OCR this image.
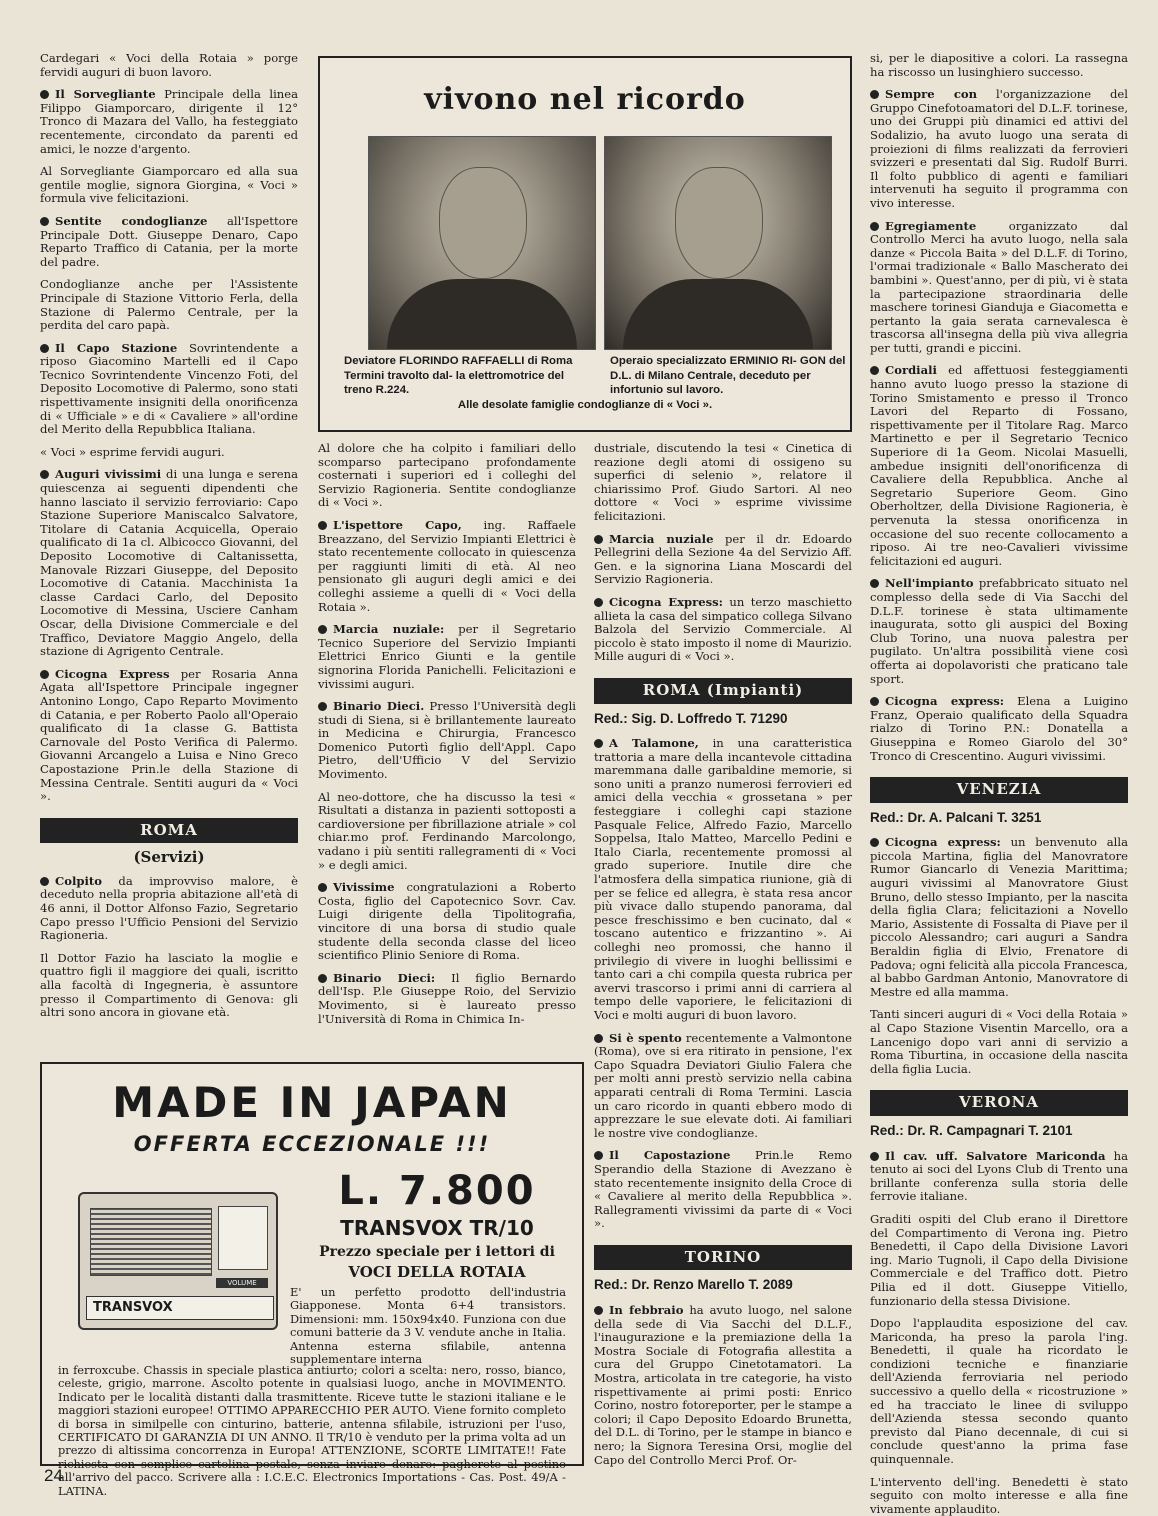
Cardegari « Voci della Rotaia » porge fervidi auguri di buon lavoro.

Il Sorvegliante Principale della linea Filippo Giamporcaro, dirigente il 12° Tronco di Mazara del Vallo, ha festeggiato recentemente, circondato da parenti ed amici, le nozze d'argento.

Al Sorvegliante Giamporcaro ed alla sua gentile moglie, signora Giorgina, « Voci » formula vive felicitazioni.

Sentite condoglianze all'Ispettore Principale Dott. Giuseppe Denaro, Capo Reparto Traffico di Catania, per la morte del padre.

Condoglianze anche per l'Assistente Principale di Stazione Vittorio Ferla, della Stazione di Palermo Centrale, per la perdita del caro papà.

Il Capo Stazione Sovrintendente a riposo Giacomino Martelli ed il Capo Tecnico Sovrintendente Vincenzo Foti, del Deposito Locomotive di Palermo, sono stati rispettivamente insigniti della onorificenza di « Ufficiale » e di « Cavaliere » all'ordine del Merito della Repubblica Italiana.

« Voci » esprime fervidi auguri.

Auguri vivissimi di una lunga e serena quiescenza ai seguenti dipendenti che hanno lasciato il servizio ferroviario: Capo Stazione Superiore Maniscalco Salvatore, Titolare di Catania Acquicella, Operaio qualificato di 1a cl. Albicocco Giovanni, del Deposito Locomotive di Caltanissetta, Manovale Rizzari Giuseppe, del Deposito Locomotive di Catania. Macchinista 1a classe Cardaci Carlo, del Deposito Locomotive di Messina, Usciere Canham Oscar, della Divisione Commerciale e del Traffico, Deviatore Maggio Angelo, della stazione di Agrigento Centrale.

Cicogna Express per Rosaria Anna Agata all'Ispettore Principale ingegner Antonino Longo, Capo Reparto Movimento di Catania, e per Roberto Paolo all'Operaio qualificato di 1a classe G. Battista Carnovale del Posto Verifica di Palermo. Giovanni Arcangelo a Luisa e Nino Greco Capostazione Prin.le della Stazione di Messina Centrale. Sentiti auguri da « Voci ».

ROMA
(Servizi)

Colpito da improvviso malore, è deceduto nella propria abitazione all'età di 46 anni, il Dottor Alfonso Fazio, Segretario Capo presso l'Ufficio Pensioni del Servizio Ragioneria.

Il Dottor Fazio ha lasciato la moglie e quattro figli il maggiore dei quali, iscritto alla facoltà di Ingegneria, è assuntore presso il Compartimento di Genova: gli altri sono ancora in giovane età.

vivono nel ricordo
Deviatore FLORINDO RAFFAELLI di Roma Termini travolto dal- la elettromotrice del treno R.224.
Operaio specializzato ERMINIO RI- GON del D.L. di Milano Centrale, deceduto per infortunio sul lavoro.
Alle desolate famiglie condoglianze di « Voci ».

Al dolore che ha colpito i familiari dello scomparso partecipano profondamente costernati i superiori ed i colleghi del Servizio Ragioneria. Sentite condoglianze di « Voci ».

L'ispettore Capo, ing. Raffaele Breazzano, del Servizio Impianti Elettrici è stato recentemente collocato in quiescenza per raggiunti limiti di età. Al neo pensionato gli auguri degli amici e dei colleghi assieme a quelli di « Voci della Rotaia ».

Marcia nuziale: per il Segretario Tecnico Superiore del Servizio Impianti Elettrici Enrico Giunti e la gentile signorina Florida Panichelli. Felicitazioni e vivissimi auguri.

Binario Dieci. Presso l'Università degli studi di Siena, si è brillantemente laureato in Medicina e Chirurgia, Francesco Domenico Putortì figlio dell'Appl. Capo Pietro, dell'Ufficio V del Servizio Movimento.

Al neo-dottore, che ha discusso la tesi « Risultati a distanza in pazienti sottoposti a cardioversione per fibrillazione atriale » col chiar.mo prof. Ferdinando Marcolongo, vadano i più sentiti rallegramenti di « Voci » e degli amici.

Vivissime congratulazioni a Roberto Costa, figlio del Capotecnico Sovr. Cav. Luigi dirigente della Tipolitografia, vincitore di una borsa di studio quale studente della seconda classe del liceo scientifico Plinio Seniore di Roma.

Binario Dieci: Il figlio Bernardo dell'Isp. P.le Giuseppe Roio, del Servizio Movimento, si è laureato presso l'Università di Roma in Chimica In-

dustriale, discutendo la tesi « Cinetica di reazione degli atomi di ossigeno su superfici di selenio », relatore il chiarissimo Prof. Giudo Sartori. Al neo dottore « Voci » esprime vivissime felicitazioni.

Marcia nuziale per il dr. Edoardo Pellegrini della Sezione 4a del Servizio Aff. Gen. e la signorina Liana Moscardi del Servizio Ragioneria.

Cicogna Express: un terzo maschietto allieta la casa del simpatico collega Silvano Balzola del Servizio Commerciale. Al piccolo è stato imposto il nome di Maurizio. Mille auguri di « Voci ».

ROMA (Impianti)
Red.: Sig. D. Loffredo T. 71290

A Talamone, in una caratteristica trattoria a mare della incantevole cittadina maremmana dalle garibaldine memorie, si sono uniti a pranzo numerosi ferrovieri ed amici della vecchia « grossetana » per festeggiare i colleghi capi stazione Pasquale Felice, Alfredo Fazio, Marcello Soppelsa, Italo Matteo, Marcello Pedini e Italo Ciarla, recentemente promossi al grado superiore. Inutile dire che l'atmosfera della simpatica riunione, già di per se felice ed allegra, è stata resa ancor più vivace dallo stupendo panorama, dal pesce freschissimo e ben cucinato, dal « toscano autentico e frizzantino ». Ai colleghi neo promossi, che hanno il privilegio di vivere in luoghi bellissimi e tanto cari a chi compila questa rubrica per avervi trascorso i primi anni di carriera al tempo delle vaporiere, le felicitazioni di Voci e molti auguri di buon lavoro.

Si è spento recentemente a Valmontone (Roma), ove si era ritirato in pensione, l'ex Capo Squadra Deviatori Giulio Falera che per molti anni prestò servizio nella cabina apparati centrali di Roma Termini. Lascia un caro ricordo in quanti ebbero modo di apprezzare le sue elevate doti. Ai familiari le nostre vive condoglianze.

Il Capostazione Prin.le Remo Sperandio della Stazione di Avezzano è stato recentemente insignito della Croce di « Cavaliere al merito della Repubblica ». Rallegramenti vivissimi da parte di « Voci ».

TORINO
Red.: Dr. Renzo Marello T. 2089

In febbraio ha avuto luogo, nel salone della sede di Via Sacchi del D.L.F., l'inaugurazione e la premiazione della 1a Mostra Sociale di Fotografia allestita a cura del Gruppo Cinetotamatori. La Mostra, articolata in tre categorie, ha visto rispettivamente ai primi posti: Enrico Corino, nostro fotoreporter, per le stampe a colori; il Capo Deposito Edoardo Brunetta, del D.L. di Torino, per le stampe in bianco e nero; la Signora Teresina Orsi, moglie del Capo del Controllo Merci Prof. Or-

si, per le diapositive a colori. La rassegna ha riscosso un lusinghiero successo.

Sempre con l'organizzazione del Gruppo Cinefotoamatori del D.L.F. torinese, uno dei Gruppi più dinamici ed attivi del Sodalizio, ha avuto luogo una serata di proiezioni di films realizzati da ferrovieri svizzeri e presentati dal Sig. Rudolf Burri. Il folto pubblico di agenti e familiari intervenuti ha seguito il programma con vivo interesse.

Egregiamente	organizzato dal Controllo Merci ha avuto luogo, nella sala danze « Piccola Baita » del D.L.F. di Torino, l'ormai tradizionale « Ballo Mascherato dei bambini ». Quest'anno, per di più, vi è stata la partecipazione straordinaria delle maschere torinesi Gianduja e Giacometta e pertanto la gaia serata carnevalesca è trascorsa all'insegna della più viva allegria per tutti, grandi e piccini.

Cordiali ed affettuosi festeggiamenti hanno avuto luogo presso la stazione di Torino Smistamento e presso il Tronco Lavori del Reparto di Fossano, rispettivamente per il Titolare Rag. Marco Martinetto e per il Segretario Tecnico Superiore di 1a Geom. Nicolai Masuelli, ambedue insigniti dell'onorificenza di Cavaliere della Repubblica. Anche al Segretario Superiore Geom. Gino Oberholtzer, della Divisione Ragioneria, è pervenuta la stessa onorificenza in occasione del suo recente collocamento a riposo. Ai tre neo-Cavalieri vivissime felicitazioni ed auguri.

Nell'impianto prefabbricato situato nel complesso della sede di Via Sacchi del D.L.F. torinese è stata ultimamente inaugurata, sotto gli auspici del Boxing Club Torino, una nuova palestra per pugilato. Un'altra possibilità viene così offerta ai dopolavoristi che praticano tale sport.

Cicogna express: Elena a Luigino Franz, Operaio qualificato della Squadra rialzo di Torino P.N.: Donatella a Giuseppina e Romeo Giarolo del 30° Tronco di Crescentino. Auguri vivissimi.

VENEZIA
Red.: Dr. A. Palcani T. 3251

Cicogna express: un benvenuto alla piccola Martina, figlia del Manovratore Rumor Giancarlo di Venezia Marittima; auguri vivissimi al Manovratore Giust Bruno, dello stesso Impianto, per la nascita della figlia Clara; felicitazioni a Novello Mario, Assistente di Fossalta di Piave per il piccolo Alessandro; cari auguri a Sandra Beraldin figlia di Elvio, Frenatore di Padova; ogni felicità alla piccola Francesca, al babbo Gardman Antonio, Manovratore di Mestre ed alla mamma.

Tanti sinceri auguri di « Voci della Rotaia » al Capo Stazione Visentin Marcello, ora a Lancenigo dopo vari anni di servizio a Roma Tiburtina, in occasione della nascita della figlia Lucia.

VERONA
Red.: Dr. R. Campagnari T. 2101

Il cav. uff. Salvatore Mariconda ha tenuto ai soci del Lyons Club di Trento una brillante conferenza sulla storia delle ferrovie italiane.

Graditi ospiti del Club erano il Direttore del Compartimento di Verona ing. Pietro Benedetti, il Capo della Divisione Lavori ing. Mario Tugnoli, il Capo della Divisione Commerciale e del Traffico dott. Pietro Pilia ed il dott. Giuseppe Vitiello, funzionario della stessa Divisione.

Dopo l'applaudita esposizione del cav. Mariconda, ha preso la parola l'ing. Benedetti, il quale ha ricordato le condizioni tecniche e finanziarie dell'Azienda ferroviaria nel periodo successivo a quello della « ricostruzione » ed ha tracciato le linee di sviluppo dell'Azienda stessa secondo quanto previsto dal Piano decennale, di cui si conclude quest'anno la prima fase quinquennale.

L'intervento dell'ing. Benedetti è stato seguito con molto interesse e alla fine vivamente applaudito.

MADE IN JAPAN
OFFERTA ECCEZIONALE !!!
VOLUME
TRANSVOX
L. 7.800
TRANSVOX TR/10
Prezzo speciale per i lettori di
VOCI DELLA ROTAIA
E' un perfetto prodotto dell'industria Giapponese. Monta 6+4 transistors. Dimensioni: mm. 150x94x40. Funziona con due comuni batterie da 3 V. vendute anche in Italia. Antenna esterna sfilabile, antenna supplementare interna
in ferroxcube. Chassis in speciale plastica antiurto; colori a scelta: nero, rosso, bianco, celeste, grigio, marrone. Ascolto potente in qualsiasi luogo, anche in MOVIMENTO. Indicato per le località distanti dalla trasmittente. Riceve tutte le stazioni italiane e le maggiori stazioni europee! OTTIMO APPARECCHIO PER AUTO. Viene fornito completo di borsa in similpelle con cinturino, batterie, antenna sfilabile, istruzioni per l'uso, CERTIFICATO DI GARANZIA DI UN ANNO. Il TR/10 è venduto per la prima volta ad un prezzo di altissima concorrenza in Europa! ATTENZIONE, SCORTE LIMITATE!! Fate richiesta con semplice cartolina postale, senza inviare denaro: pagherete al postino all'arrivo del pacco. Scrivere alla : I.C.E.C. Electronics Importations - Cas. Post. 49/A - LATINA.
24
